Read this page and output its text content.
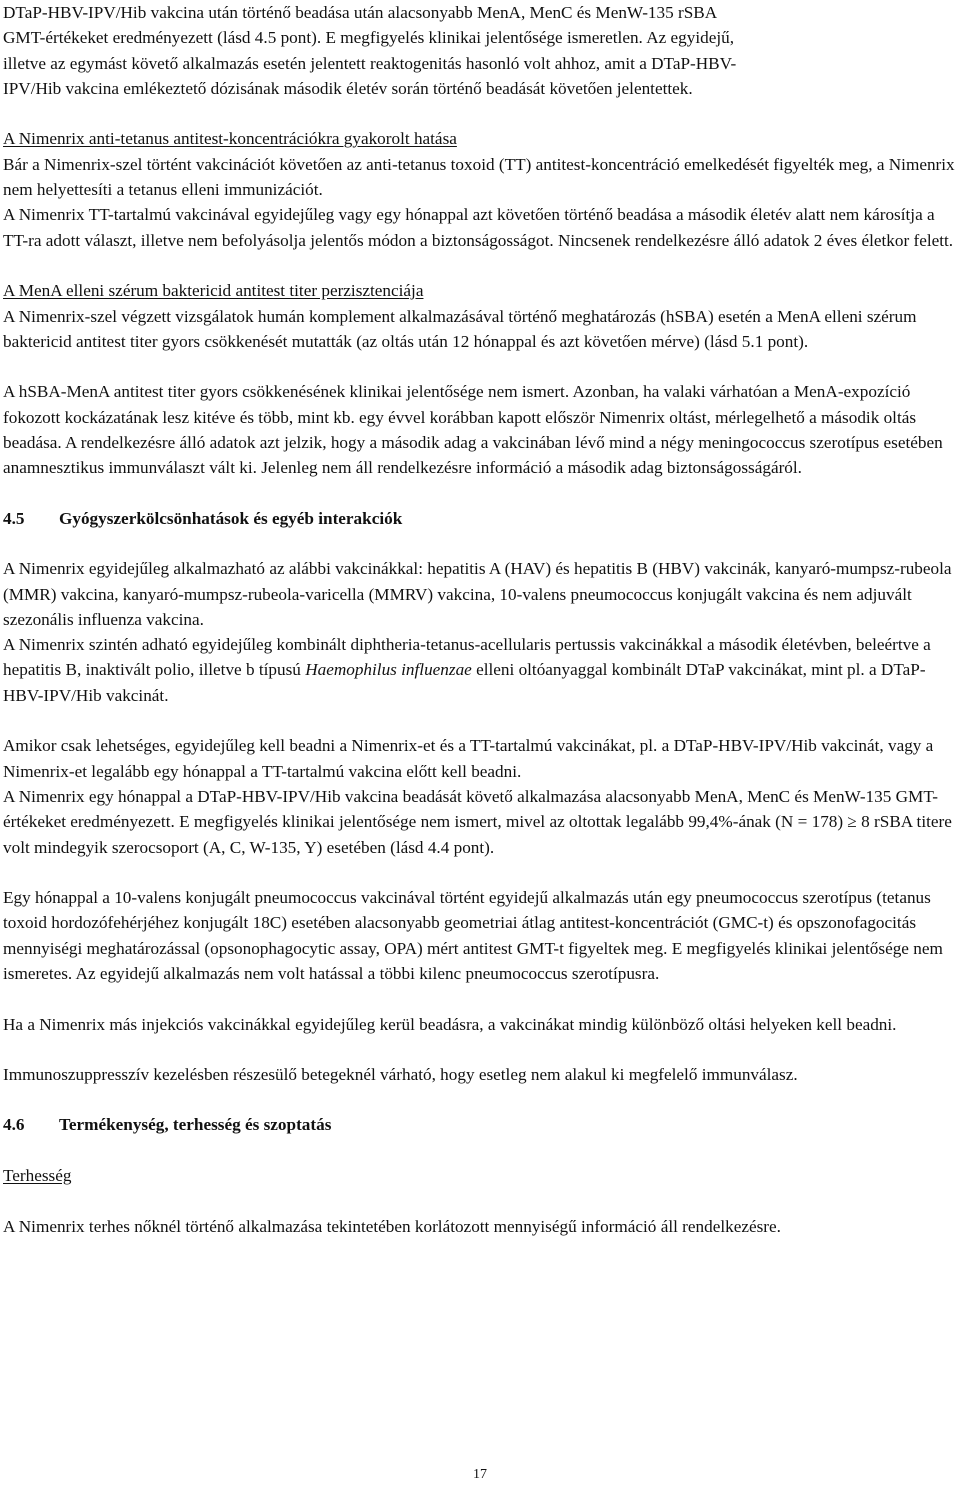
DTaP-HBV-IPV/Hib vakcina után történő beadása után alacsonyabb MenA, MenC és MenW-135 rSBA
GMT-értékeket eredményezett (lásd 4.5 pont). E megfigyelés klinikai jelentősége ismeretlen. Az egyidejű,
illetve az egymást követő alkalmazás esetén jelentett reaktogenitás hasonló volt ahhoz, amit a DTaP-HBV-
IPV/Hib vakcina emlékeztető dózisának második életév során történő beadását követően jelentettek.

A Nimenrix anti-tetanus antitest-koncentrációkra gyakorolt hatása

Bár a Nimenrix-szel történt vakcinációt követően az anti-tetanus toxoid (TT) antitest-koncentráció emelkedését figyelték meg, a Nimenrix nem helyettesíti a tetanus elleni immunizációt.

A Nimenrix TT-tartalmú vakcinával egyidejűleg vagy egy hónappal azt követően történő beadása a második életév alatt nem károsítja a TT-ra adott választ, illetve nem befolyásolja jelentős módon a biztonságosságot. Nincsenek rendelkezésre álló adatok 2 éves életkor felett.

A MenA elleni szérum baktericid antitest titer perzisztenciája

A Nimenrix-szel végzett vizsgálatok humán komplement alkalmazásával történő meghatározás (hSBA) esetén a MenA elleni szérum baktericid antitest titer gyors csökkenését mutatták (az oltás után 12 hónappal és azt követően mérve) (lásd 5.1 pont).

A hSBA-MenA antitest titer gyors csökkenésének klinikai jelentősége nem ismert. Azonban, ha valaki várhatóan a MenA-expozíció fokozott kockázatának lesz kitéve és több, mint kb. egy évvel korábban kapott először Nimenrix oltást, mérlegelhető a második oltás beadása. A rendelkezésre álló adatok azt jelzik, hogy a második adag a vakcinában lévő mind a négy meningococcus szerotípus esetében anamnesztikus immunválaszt vált ki. Jelenleg nem áll rendelkezésre információ a második adag biztonságosságáról.

4.5 Gyógyszerkölcsönhatások és egyéb interakciók

A Nimenrix egyidejűleg alkalmazható az alábbi vakcinákkal: hepatitis A (HAV) és hepatitis B (HBV) vakcinák, kanyaró-mumpsz-rubeola (MMR) vakcina, kanyaró-mumpsz-rubeola-varicella (MMRV) vakcina, 10-valens pneumococcus konjugált vakcina és nem adjuvált szezonális influenza vakcina.

A Nimenrix szintén adható egyidejűleg kombinált diphtheria-tetanus-acellularis pertussis vakcinákkal a második életévben, beleértve a hepatitis B, inaktivált polio, illetve b típusú Haemophilus influenzae elleni oltóanyaggal kombinált DTaP vakcinákat, mint pl. a DTaP-HBV-IPV/Hib vakcinát.

Amikor csak lehetséges, egyidejűleg kell beadni a Nimenrix-et és a TT-tartalmú vakcinákat, pl. a DTaP-HBV-IPV/Hib vakcinát, vagy a Nimenrix-et legalább egy hónappal a TT-tartalmú vakcina előtt kell beadni.

A Nimenrix egy hónappal a DTaP-HBV-IPV/Hib vakcina beadását követő alkalmazása alacsonyabb MenA, MenC és MenW-135 GMT-értékeket eredményezett. E megfigyelés klinikai jelentősége nem ismert, mivel az oltottak legalább 99,4%-ának (N = 178) ≥ 8 rSBA titere volt mindegyik szerocsoport (A, C, W-135, Y) esetében (lásd 4.4 pont).

Egy hónappal a 10-valens konjugált pneumococcus vakcinával történt egyidejű alkalmazás után egy pneumococcus szerotípus (tetanus toxoid hordozófehérjéhez konjugált 18C) esetében alacsonyabb geometriai átlag antitest-koncentrációt (GMC-t) és opszonofagocitás mennyiségi meghatározással (opsonophagocytic assay, OPA) mért antitest GMT-t figyeltek meg. E megfigyelés klinikai jelentősége nem ismeretes. Az egyidejű alkalmazás nem volt hatással a többi kilenc pneumococcus szerotípusra.

Ha a Nimenrix más injekciós vakcinákkal egyidejűleg kerül beadásra, a vakcinákat mindig különböző oltási helyeken kell beadni.

Immunoszuppresszív kezelésben részesülő betegeknél várható, hogy esetleg nem alakul ki megfelelő immunválasz.

4.6 Termékenység, terhesség és szoptatás

Terhesség

A Nimenrix terhes nőknél történő alkalmazása tekintetében korlátozott mennyiségű információ áll rendelkezésre.

17
